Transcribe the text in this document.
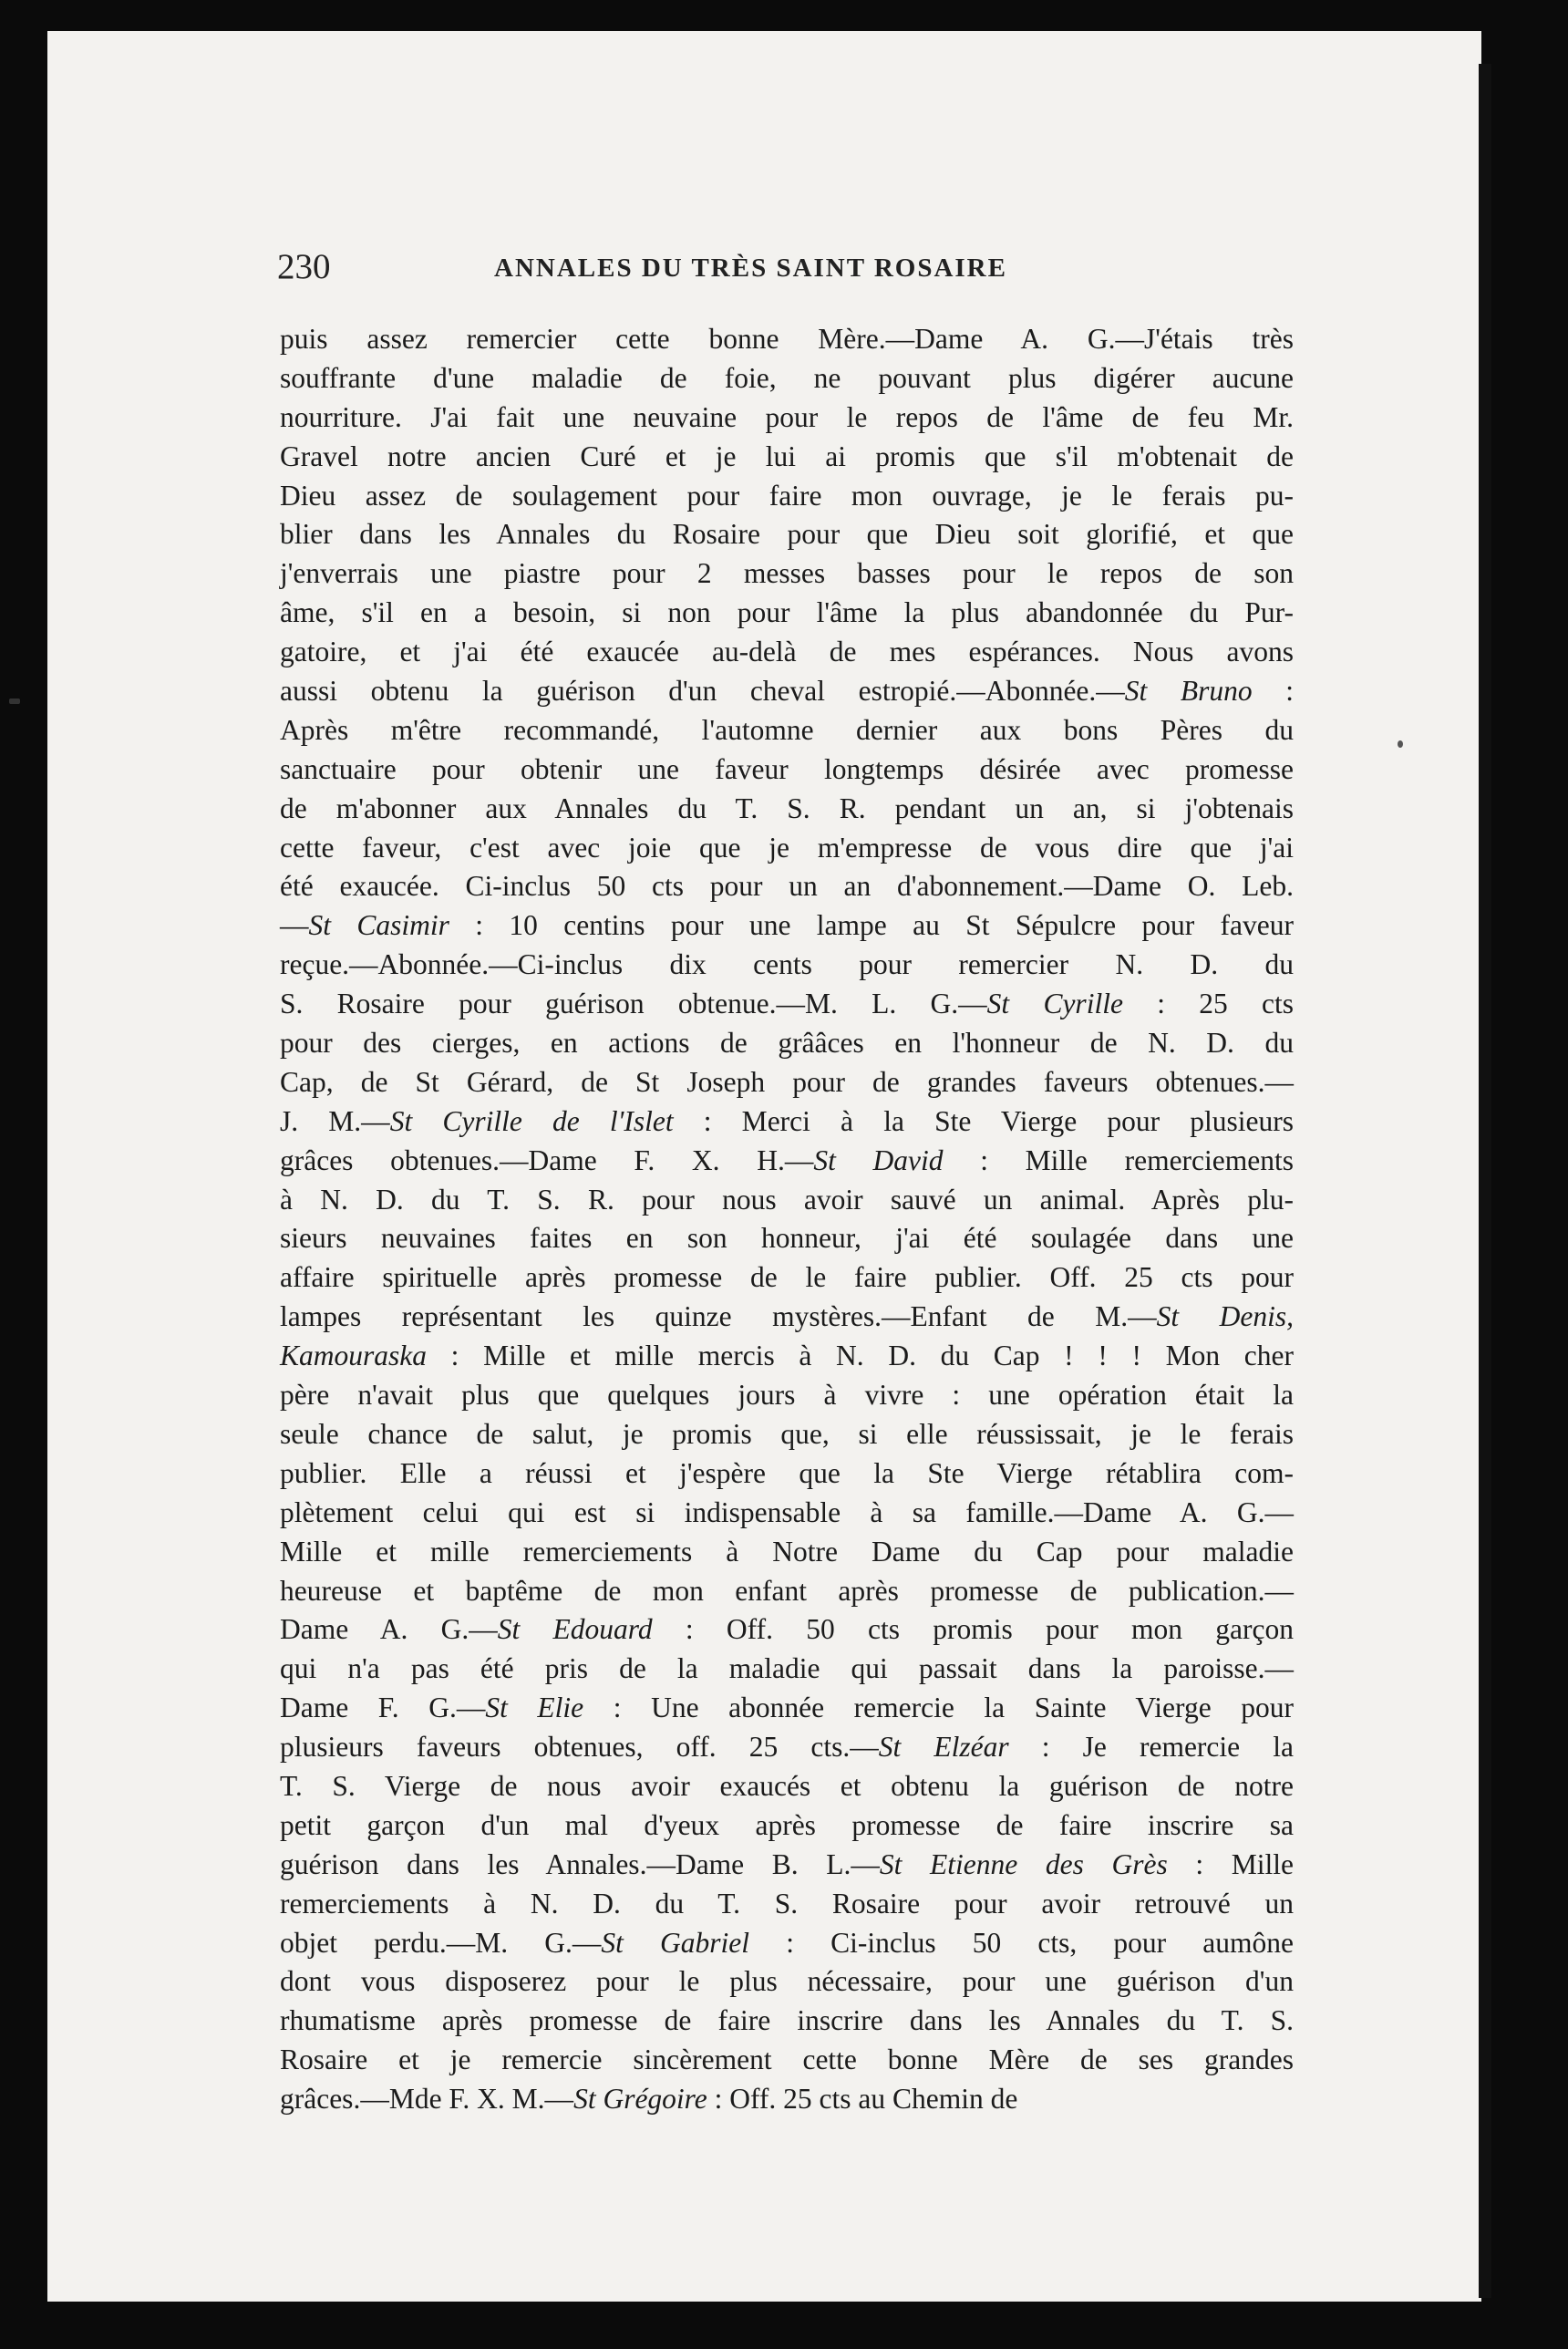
230	ANNALES DU TRÈS SAINT ROSAIRE
puis assez remercier cette bonne Mère.—Dame A. G.—J'étais très
souffrante d'une maladie de foie, ne pouvant plus digérer aucune
nourriture. J'ai fait une neuvaine pour le repos de l'âme de feu Mr.
Gravel notre ancien Curé et je lui ai promis que s'il m'obtenait de
Dieu assez de soulagement pour faire mon ouvrage, je le ferais pu-
blier dans les Annales du Rosaire pour que Dieu soit glorifié, et que
j'enverrais une piastre pour 2 messes basses pour le repos de son
âme, s'il en a besoin, si non pour l'âme la plus abandonnée du Pur-
gatoire, et j'ai été exaucée au-delà de mes espérances. Nous avons
aussi obtenu la guérison d'un cheval estropié.—Abonnée.—St Bruno :
Après m'être recommandé, l'automne dernier aux bons Pères du
sanctuaire pour obtenir une faveur longtemps désirée avec promesse
de m'abonner aux Annales du T. S. R. pendant un an, si j'obtenais
cette faveur, c'est avec joie que je m'empresse de vous dire que j'ai
été exaucée. Ci-inclus 50 cts pour un an d'abonnement.—Dame O. Leb.
—St Casimir : 10 centins pour une lampe au St Sépulcre pour faveur
reçue.—Abonnée.—Ci-inclus dix cents pour remercier N. D. du
S. Rosaire pour guérison obtenue.—M. L. G.—St Cyrille : 25 cts
pour des cierges, en actions de grââces en l'honneur de N. D. du
Cap, de St Gérard, de St Joseph pour de grandes faveurs obtenues.—
J. M.—St Cyrille de l'Islet : Merci à la Ste Vierge pour plusieurs
grâces obtenues.—Dame F. X. H.—St David : Mille remerciements
à N. D. du T. S. R. pour nous avoir sauvé un animal. Après plu-
sieurs neuvaines faites en son honneur, j'ai été soulagée dans une
affaire spirituelle après promesse de le faire publier. Off. 25 cts pour
lampes représentant les quinze mystères.—Enfant de M.—St Denis,
Kamouraska : Mille et mille mercis à N. D. du Cap ! ! ! Mon cher
père n'avait plus que quelques jours à vivre : une opération était la
seule chance de salut, je promis que, si elle réussissait, je le ferais
publier. Elle a réussi et j'espère que la Ste Vierge rétablira com-
plètement celui qui est si indispensable à sa famille.—Dame A. G.—
Mille et mille remerciements à Notre Dame du Cap pour maladie
heureuse et baptême de mon enfant après promesse de publication.—
Dame A. G.—St Edouard : Off. 50 cts promis pour mon garçon
qui n'a pas été pris de la maladie qui passait dans la paroisse.—
Dame F. G.—St Elie : Une abonnée remercie la Sainte Vierge pour
plusieurs faveurs obtenues, off. 25 cts.—St Elzéar : Je remercie la
T. S. Vierge de nous avoir exaucés et obtenu la guérison de notre
petit garçon d'un mal d'yeux après promesse de faire inscrire sa
guérison dans les Annales.—Dame B. L.—St Etienne des Grès : Mille
remerciements à N. D. du T. S. Rosaire pour avoir retrouvé un
objet perdu.—M. G.—St Gabriel : Ci-inclus 50 cts, pour aumône
dont vous disposerez pour le plus nécessaire, pour une guérison d'un
rhumatisme après promesse de faire inscrire dans les Annales du T. S.
Rosaire et je remercie sincèrement cette bonne Mère de ses grandes
grâces.—Mde F. X. M.—St Grégoire : Off. 25 cts au Chemin de
